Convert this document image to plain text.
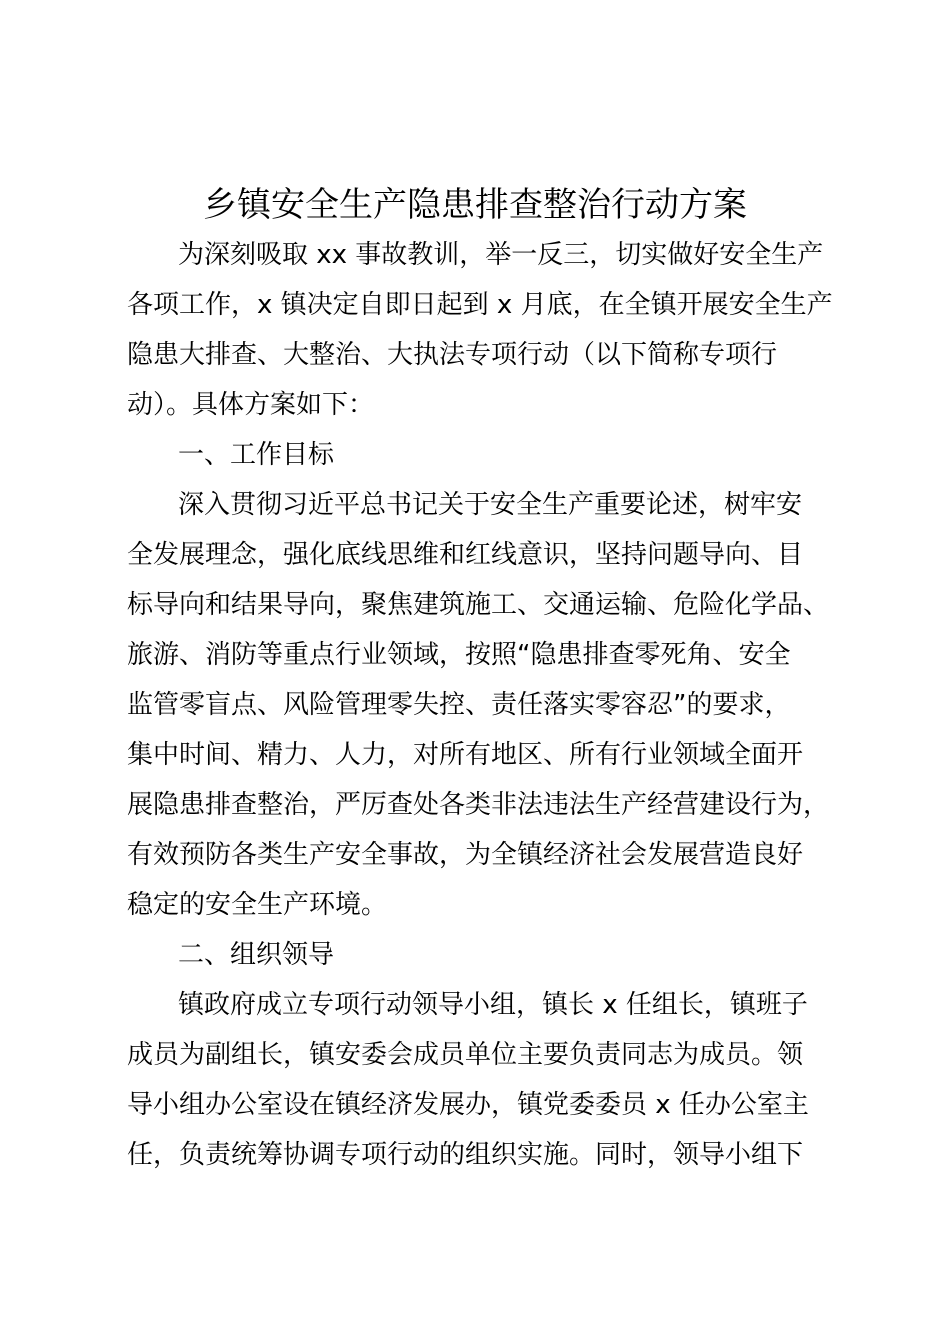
乡镇安全生产隐患排查整治行动方案

为深刻吸取 xx 事故教训，举一反三，切实做好安全生产

各项工作，x 镇决定自即日起到 x 月底，在全镇开展安全生产

隐患大排查、大整治、大执法专项行动（以下简称专项行

动）。具体方案如下：

一、工作目标

深入贯彻习近平总书记关于安全生产重要论述，树牢安

全发展理念，强化底线思维和红线意识，坚持问题导向、目

标导向和结果导向，聚焦建筑施工、交通运输、危险化学品、

旅游、消防等重点行业领域，按照“隐患排查零死角、安全

监管零盲点、风险管理零失控、责任落实零容忍”的要求，

集中时间、精力、人力，对所有地区、所有行业领域全面开

展隐患排查整治，严厉查处各类非法违法生产经营建设行为，

有效预防各类生产安全事故，为全镇经济社会发展营造良好

稳定的安全生产环境。

二、组织领导

镇政府成立专项行动领导小组，镇长 x 任组长，镇班子

成员为副组长，镇安委会成员单位主要负责同志为成员。领

导小组办公室设在镇经济发展办，镇党委委员 x 任办公室主

任，负责统筹协调专项行动的组织实施。同时，领导小组下
